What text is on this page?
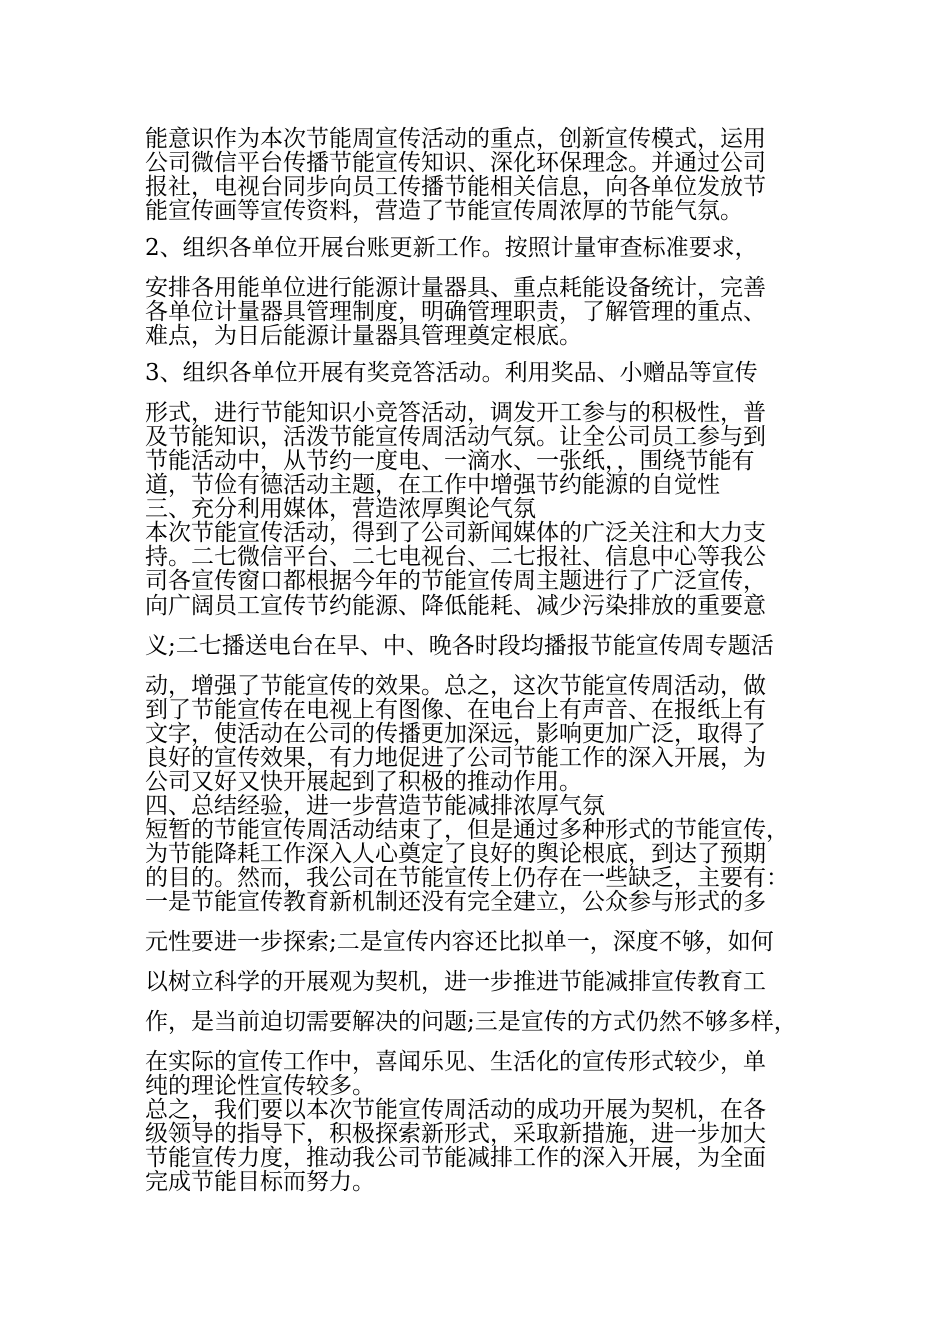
能意识作为本次节能周宣传活动的重点，创新宣传模式，运用
公司微信平台传播节能宣传知识、深化环保理念。并通过公司
报社，电视台同步向员工传播节能相关信息，向各单位发放节
能宣传画等宣传资料，营造了节能宣传周浓厚的节能气氛。
2、组织各单位开展台账更新工作。按照计量审查标准要求，
安排各用能单位进行能源计量器具、重点耗能设备统计，完善
各单位计量器具管理制度，明确管理职责，了解管理的重点、
难点，为日后能源计量器具管理奠定根底。
3、组织各单位开展有奖竞答活动。利用奖品、小赠品等宣传
形式，进行节能知识小竞答活动，调发开工参与的积极性，普
及节能知识，活泼节能宣传周活动气氛。让全公司员工参与到
节能活动中，从节约一度电、一滴水、一张纸，，围绕节能有
道，节俭有德活动主题，在工作中增强节约能源的自觉性
三、充分利用媒体，营造浓厚舆论气氛
本次节能宣传活动，得到了公司新闻媒体的广泛关注和大力支
持。二七微信平台、二七电视台、二七报社、信息中心等我公
司各宣传窗口都根据今年的节能宣传周主题进行了广泛宣传，
向广阔员工宣传节约能源、降低能耗、减少污染排放的重要意
义;二七播送电台在早、中、晚各时段均播报节能宣传周专题活
动，增强了节能宣传的效果。总之，这次节能宣传周活动，做
到了节能宣传在电视上有图像、在电台上有声音、在报纸上有
文字，使活动在公司的传播更加深远，影响更加广泛，取得了
良好的宣传效果，有力地促进了公司节能工作的深入开展，为
公司又好又快开展起到了积极的推动作用。
四、总结经验，进一步营造节能减排浓厚气氛
短暂的节能宣传周活动结束了，但是通过多种形式的节能宣传，
为节能降耗工作深入人心奠定了良好的舆论根底，到达了预期
的目的。然而，我公司在节能宣传上仍存在一些缺乏，主要有：
一是节能宣传教育新机制还没有完全建立，公众参与形式的多
元性要进一步探索;二是宣传内容还比拟单一，深度不够，如何
以树立科学的开展观为契机，进一步推进节能减排宣传教育工
作，是当前迫切需要解决的问题;三是宣传的方式仍然不够多样，
在实际的宣传工作中，喜闻乐见、生活化的宣传形式较少，单
纯的理论性宣传较多。
总之，我们要以本次节能宣传周活动的成功开展为契机，在各
级领导的指导下，积极探索新形式，采取新措施，进一步加大
节能宣传力度，推动我公司节能减排工作的深入开展，为全面
完成节能目标而努力。
